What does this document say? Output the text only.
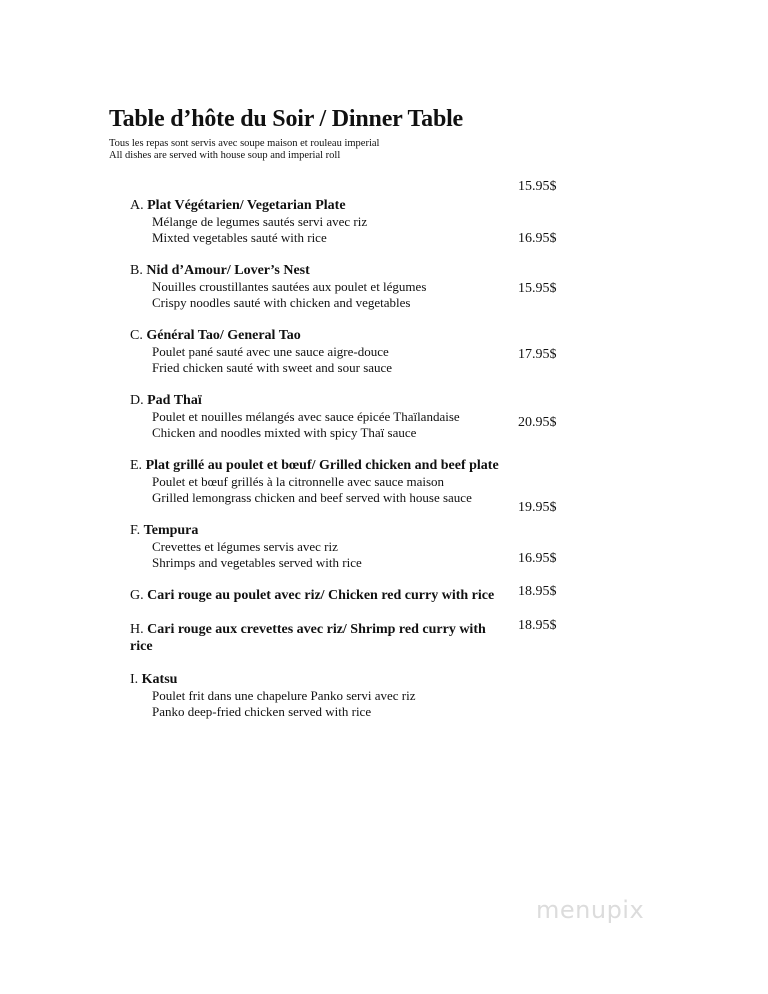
Table d’hôte du Soir / Dinner Table
Tous les repas sont servis avec soupe maison et rouleau imperial
All dishes are served with house soup and imperial roll
A. Plat Végétarien/ Vegetarian Plate
Mélange de legumes sautés servi avec riz
Mixted vegetables sauté with rice
B. Nid d’Amour/ Lover’s Nest
Nouilles croustillantes sautées aux poulet et légumes
Crispy noodles sauté with chicken and vegetables
C. Général Tao/ General Tao
Poulet pané sauté avec une sauce aigre-douce
Fried chicken sauté with sweet and sour sauce
D. Pad Thaï
Poulet et nouilles mélangés avec sauce épicée Thaïlandaise
Chicken and noodles mixted with spicy Thaï sauce
E. Plat grillé au poulet et bœuf/ Grilled chicken and beef plate
Poulet et bœuf grillés à la citronnelle avec sauce maison
Grilled lemongrass chicken and beef served with house sauce
F. Tempura
Crevettes et légumes servis avec riz
Shrimps and vegetables served with rice
G. Cari rouge au poulet avec riz/ Chicken red curry with rice
H. Cari rouge aux crevettes avec riz/ Shrimp red curry with rice
I. Katsu
Poulet frit dans une chapelure Panko servi avec riz
Panko deep-fried chicken served with rice
15.95$
16.95$
15.95$
17.95$
20.95$
19.95$
16.95$
18.95$
18.95$
menupix
